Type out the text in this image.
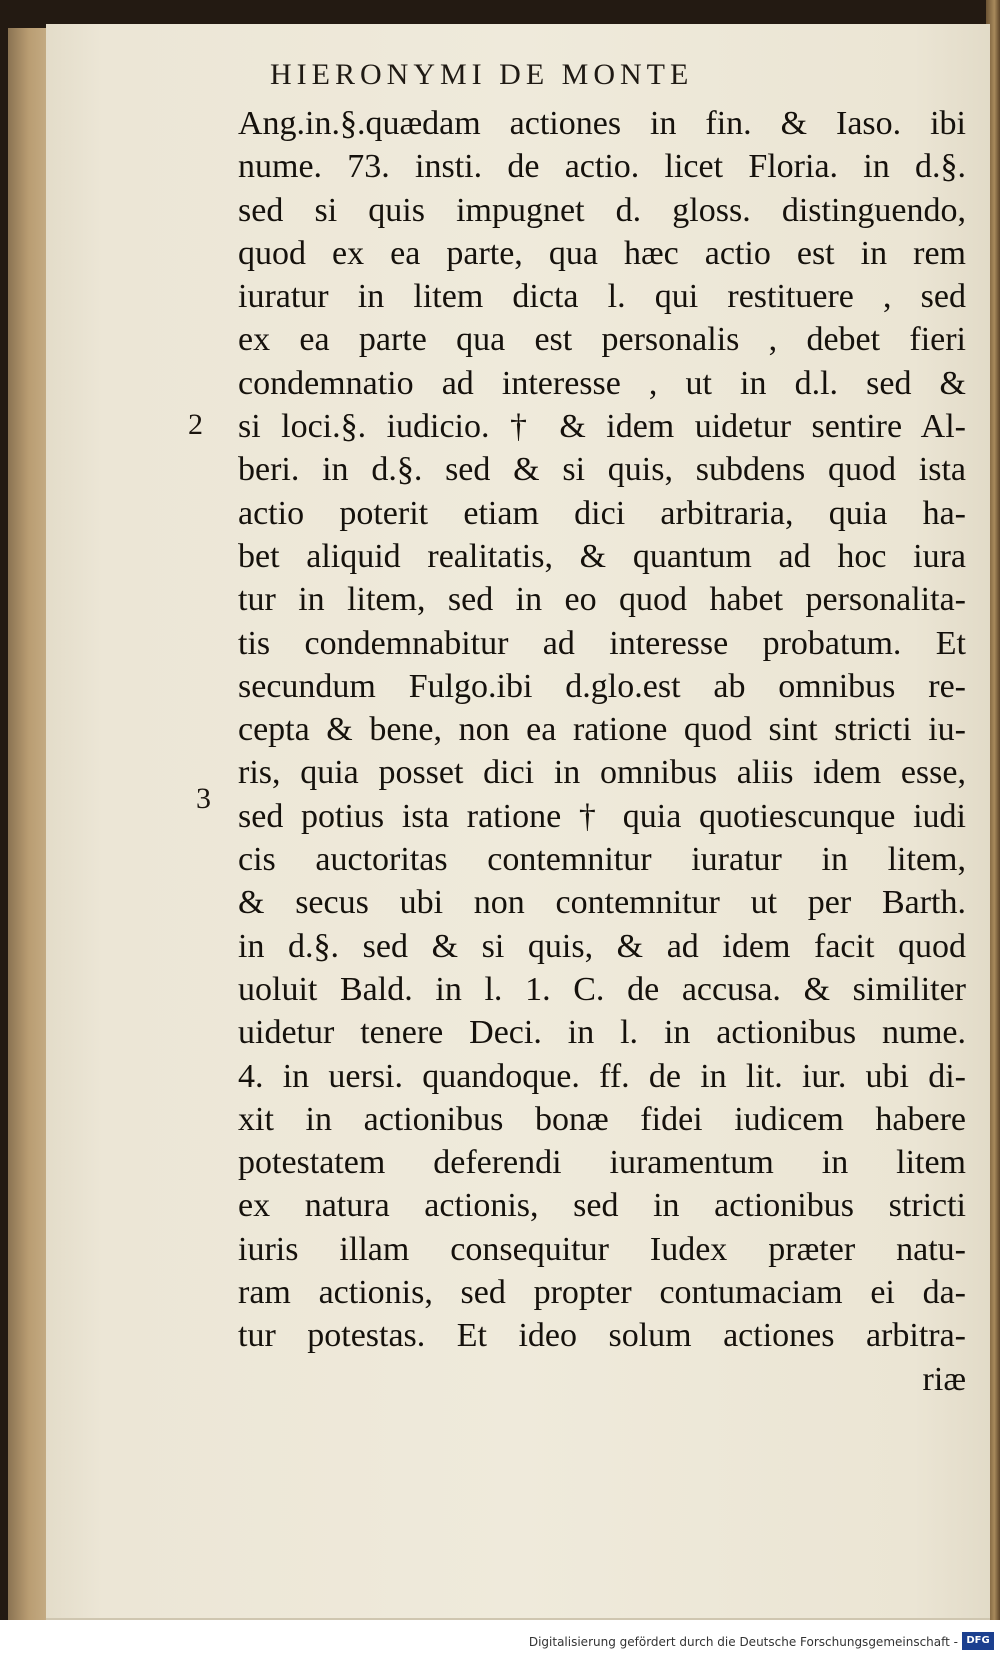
HIERONYMI DE MONTE
Ang.in.§.quædam actiones in fin. & Iaso. ibi
nume. 73. insti. de actio. licet Floria. in d.§.
sed si quis impugnet d. gloss. distinguendo,
quod ex ea parte, qua hæc actio est in rem
iuratur in litem dicta l. qui restituere , sed
ex ea parte qua est personalis , debet fieri
condemnatio ad interesse , ut in d.l. sed &
si loci.§. iudicio. † & idem uidetur sentire Al-
beri. in d.§. sed & si quis, subdens quod ista
actio poterit etiam dici arbitraria, quia ha-
bet aliquid realitatis, & quantum ad hoc iura
tur in litem, sed in eo quod habet personalita-
tis condemnabitur ad interesse probatum. Et
secundum Fulgo.ibi d.glo.est ab omnibus re-
cepta & bene, non ea ratione quod sint stricti iu-
ris, quia posset dici in omnibus aliis idem esse,
sed potius ista ratione † quia quotiescunque iudi
cis auctoritas contemnitur iuratur in litem,
& secus ubi non contemnitur ut per Barth.
in d.§. sed & si quis, & ad idem facit quod
uoluit Bald. in l. 1. C. de accusa. & similiter
uidetur tenere Deci. in l. in actionibus nume.
4. in uersi. quandoque. ff. de in lit. iur. ubi di-
xit in actionibus bonæ fidei iudicem habere
potestatem deferendi iuramentum in litem
ex natura actionis, sed in actionibus stricti
iuris illam consequitur Iudex præter natu-
ram actionis, sed propter contumaciam ei da-
tur potestas. Et ideo solum actiones arbitra-
riæ
2
3
Digitalisierung gefördert durch die Deutsche Forschungsgemeinschaft - DFG
